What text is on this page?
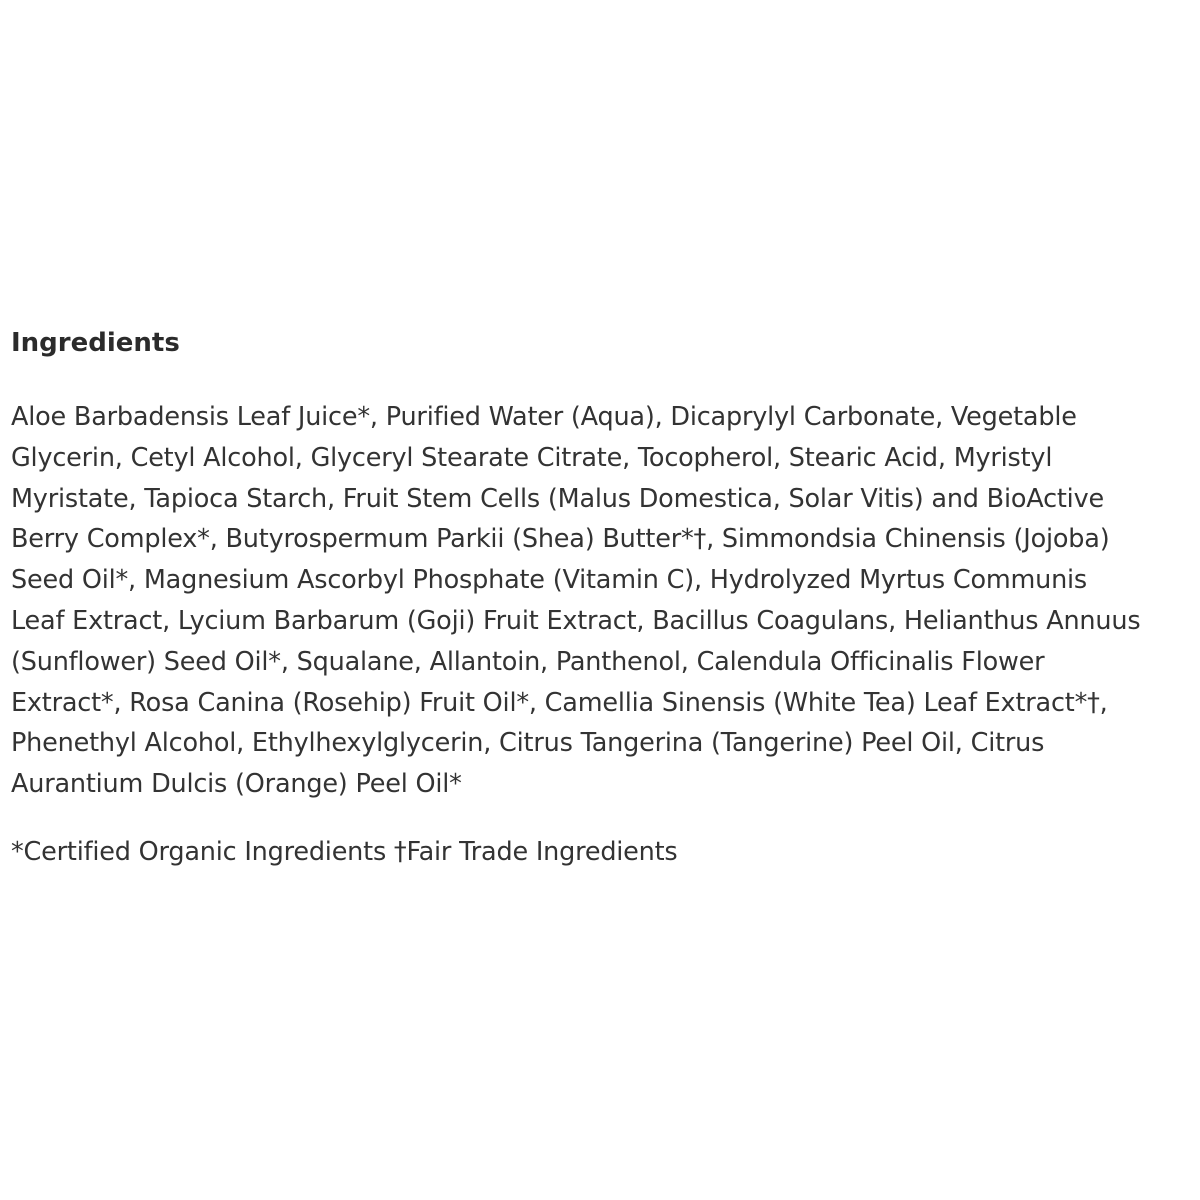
Ingredients

Aloe Barbadensis Leaf Juice*, Purified Water (Aqua), Dicaprylyl Carbonate, Vegetable
Glycerin, Cetyl Alcohol, Glyceryl Stearate Citrate, Tocopherol, Stearic Acid, Myristyl
Myristate, Tapioca Starch, Fruit Stem Cells (Malus Domestica, Solar Vitis) and BioActive
Berry Complex*, Butyrospermum Parkii (Shea) Butter*†, Simmondsia Chinensis (Jojoba)
Seed Oil*, Magnesium Ascorbyl Phosphate (Vitamin C), Hydrolyzed Myrtus Communis
Leaf Extract, Lycium Barbarum (Goji) Fruit Extract, Bacillus Coagulans, Helianthus Annuus
(Sunflower) Seed Oil*, Squalane, Allantoin, Panthenol, Calendula Officinalis Flower
Extract*, Rosa Canina (Rosehip) Fruit Oil*, Camellia Sinensis (White Tea) Leaf Extract*†,
Phenethyl Alcohol, Ethylhexylglycerin, Citrus Tangerina (Tangerine) Peel Oil, Citrus
Aurantium Dulcis (Orange) Peel Oil*

*Certified Organic Ingredients †Fair Trade Ingredients
